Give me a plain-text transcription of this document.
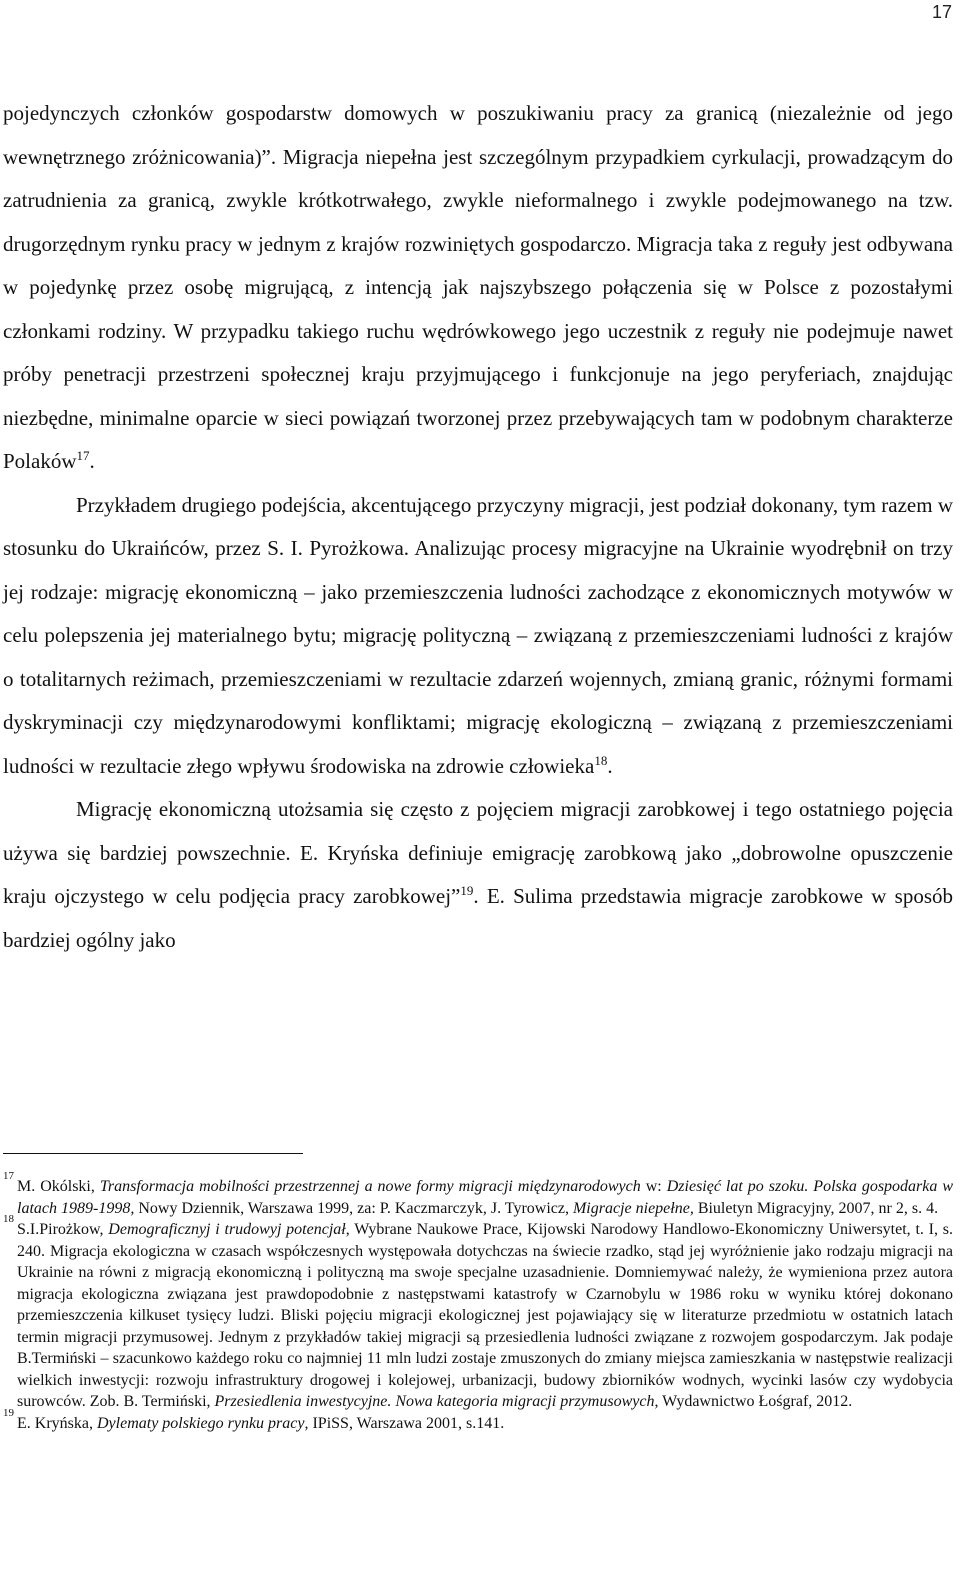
17

pojedynczych członków gospodarstw domowych w poszukiwaniu pracy za granicą (niezależnie od jego wewnętrznego zróżnicowania)”. Migracja niepełna jest szczególnym przypadkiem cyrkulacji, prowadzącym do zatrudnienia za granicą, zwykle krótkotrwałego, zwykle nieformalnego i zwykle podejmowanego na tzw. drugorzędnym rynku pracy w jednym z krajów rozwiniętych gospodarczo. Migracja taka z reguły jest odbywana w pojedynkę przez osobę migrującą, z intencją jak najszybszego połączenia się w Polsce z pozostałymi członkami rodziny. W przypadku takiego ruchu wędrówkowego jego uczestnik z reguły nie podejmuje nawet próby penetracji przestrzeni społecznej kraju przyjmującego i funkcjonuje na jego peryferiach, znajdując niezbędne, minimalne oparcie w sieci powiązań tworzonej przez przebywających tam w podobnym charakterze Polaków$^{17}$.

Przykładem drugiego podejścia, akcentującego przyczyny migracji, jest podział dokonany, tym razem w stosunku do Ukraińców, przez S. I. Pyrożkowa. Analizując procesy migracyjne na Ukrainie wyodrębnił on trzy jej rodzaje: migrację ekonomiczną – jako przemieszczenia ludności zachodzące z ekonomicznych motywów w celu polepszenia jej materialnego bytu; migrację polityczną – związaną z przemieszczeniami ludności z krajów o totalitarnych reżimach, przemieszczeniami w rezultacie zdarzeń wojennych, zmianą granic, różnymi formami dyskryminacji czy międzynarodowymi konfliktami; migrację ekologiczną – związaną z przemieszczeniami ludności w rezultacie złego wpływu środowiska na zdrowie człowieka$^{18}$.

Migrację ekonomiczną utożsamia się często z pojęciem migracji zarobkowej i tego ostatniego pojęcia używa się bardziej powszechnie. E. Kryńska definiuje emigrację zarobkową jako „dobrowolne opuszczenie kraju ojczystego w celu podjęcia pracy zarobkowej”$^{19}$. E. Sulima przedstawia migracje zarobkowe w sposób bardziej ogólny jako

17
M. Okólski, Transformacja mobilności przestrzennej a nowe formy migracji międzynarodowych w: Dziesięć lat po szoku. Polska gospodarka w latach 1989-1998, Nowy Dziennik, Warszawa 1999, za: P. Kaczmarczyk, J. Tyrowicz, Migracje niepełne, Biuletyn Migracyjny, 2007, nr 2, s. 4.

18
S.I.Pirożkow, Demograficznyj i trudowyj potencjał, Wybrane Naukowe Prace, Kijowski Narodowy Handlowo-Ekonomiczny Uniwersytet, t. I, s. 240. Migracja ekologiczna w czasach współczesnych występowała dotychczas na świecie rzadko, stąd jej wyróżnienie jako rodzaju migracji na Ukrainie na równi z migracją ekonomiczną i polityczną ma swoje specjalne uzasadnienie. Domniemywać należy, że wymieniona przez autora migracja ekologiczna związana jest prawdopodobnie z następstwami katastrofy w Czarnobylu w 1986 roku w wyniku której dokonano przemieszczenia kilkuset tysięcy ludzi. Bliski pojęciu migracji ekologicznej jest pojawiający się w literaturze przedmiotu w ostatnich latach termin migracji przymusowej. Jednym z przykładów takiej migracji są przesiedlenia ludności związane z rozwojem gospodarczym. Jak podaje B.Termiński – szacunkowo każdego roku co najmniej 11 mln ludzi zostaje zmuszonych do zmiany miejsca zamieszkania w następstwie realizacji wielkich inwestycji: rozwoju infrastruktury drogowej i kolejowej, urbanizacji, budowy zbiorników wodnych, wycinki lasów czy wydobycia surowców. Zob. B. Termiński, Przesiedlenia inwestycyjne. Nowa kategoria migracji przymusowych, Wydawnictwo Łośgraf, 2012.

19
E. Kryńska, Dylematy polskiego rynku pracy, IPiSS, Warszawa 2001, s.141.
